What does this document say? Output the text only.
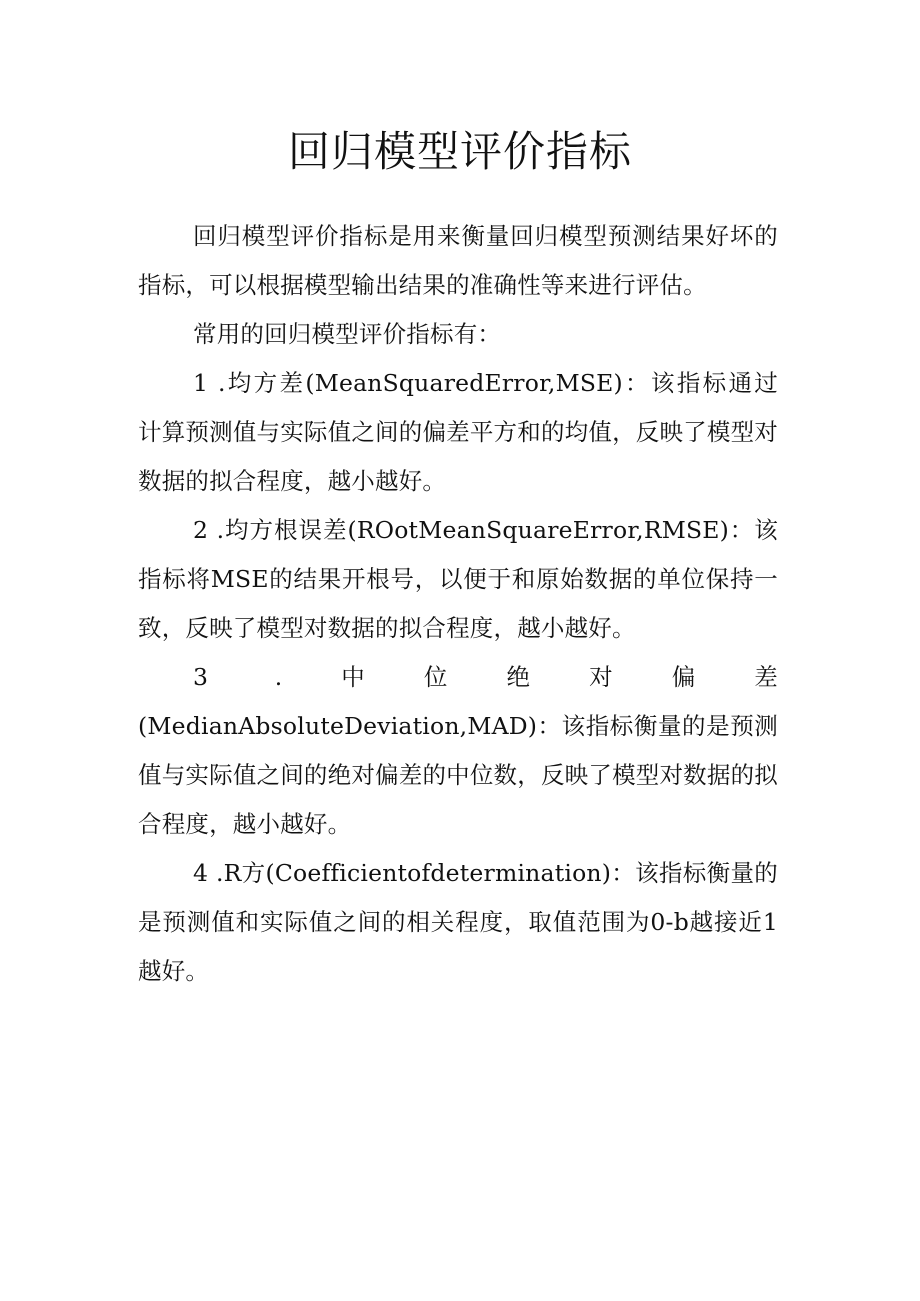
回归模型评价指标

回归模型评价指标是用来衡量回归模型预测结果好坏的指标，可以根据模型输出结果的准确性等来进行评估。

常用的回归模型评价指标有：

1 .均方差(MeanSquaredError,MSE)：该指标通过计算预测值与实际值之间的偏差平方和的均值，反映了模型对数据的拟合程度，越小越好。

2 .均方根误差(ROotMeanSquareError,RMSE)：该指标将MSE的结果开根号，以便于和原始数据的单位保持一致，反映了模型对数据的拟合程度，越小越好。

3 .中位绝对偏差(MedianAbsoluteDeviation,MAD)：该指标衡量的是预测值与实际值之间的绝对偏差的中位数，反映了模型对数据的拟合程度，越小越好。

4 .R方(Coefficientofdetermination)：该指标衡量的是预测值和实际值之间的相关程度，取值范围为0-b越接近1越好。
